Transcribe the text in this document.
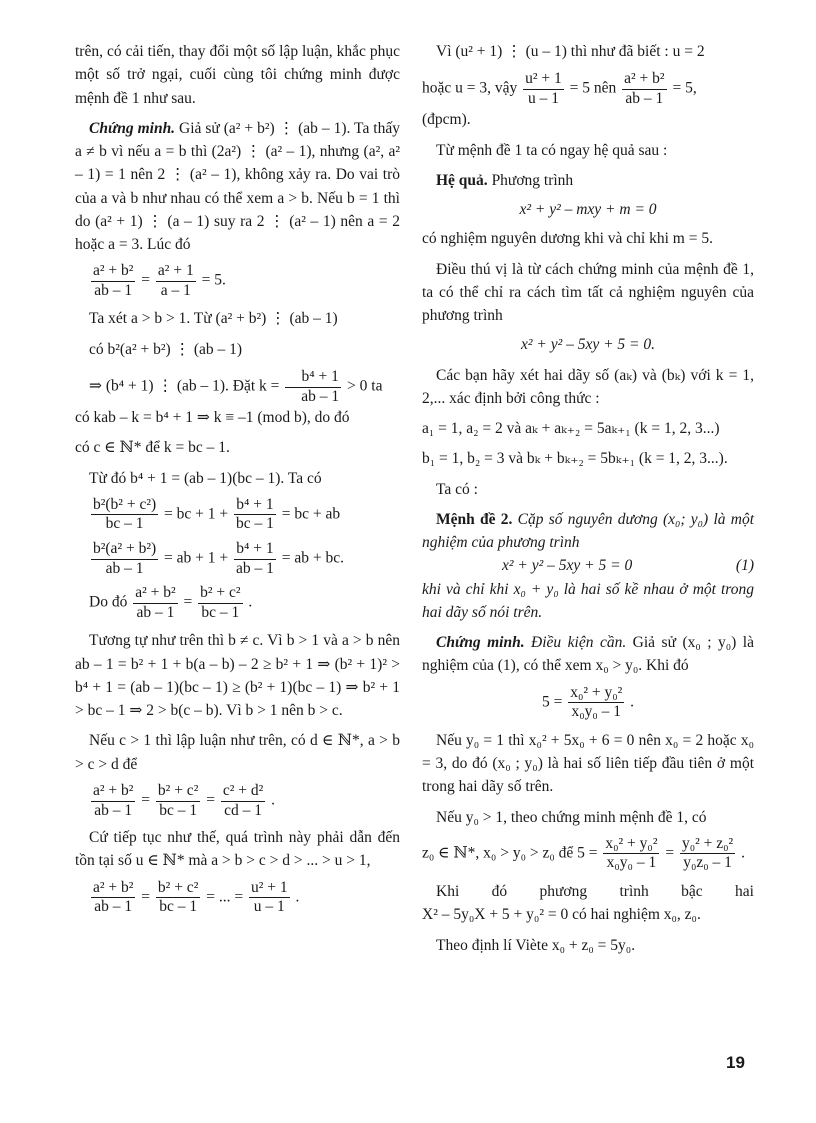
trên, có cải tiến, thay đổi một số lập luận, khắc phục một số trở ngại, cuối cùng tôi chứng minh được mệnh đề 1 như sau.

Chứng minh. Giả sử (a² + b²) ⋮ (ab – 1). Ta thấy a ≠ b vì nếu a = b thì (2a²) ⋮ (a² – 1), nhưng (a², a² – 1) = 1 nên 2 ⋮ (a² – 1), không xảy ra. Do vai trò của a và b như nhau có thể xem a > b. Nếu b = 1 thì do (a² + 1) ⋮ (a – 1) suy ra 2 ⋮ (a² – 1) nên a = 2 hoặc a = 3. Lúc đó

$\frac{\text{a² + b²}}{ab - 1} = \frac{\text{a² + 1}}{a - 1} = 5$.

Ta xét a > b > 1. Từ (a² + b²) ⋮ (ab – 1)

có b²(a² + b²) ⋮ (ab – 1)

⇒ (b⁴ + 1) ⋮ (ab – 1). Đặt $k = \frac{\text{b⁴ + 1}}{ab - 1} > 0$ ta

có kab – k = b⁴ + 1 ⇒ k ≡ –1 (mod b), do đó

có c ∈ ℕ* để k = bc – 1.

Từ đó b⁴ + 1 = (ab – 1)(bc – 1). Ta có

$\frac{\text{b²(b² + c²)}}{bc - 1}$ = bc + $1 + \frac{\text{b⁴ + 1}}{bc - 1}$ = bc + ab
$\frac{\text{b²(a² + b²)}}{ab - 1}$ = ab + $1 + \frac{\text{b⁴ + 1}}{ab - 1}$ = ab + bc.
Do đó $\frac{\text{a² + b²}}{ab - 1} = \frac{\text{b² + c²}}{bc - 1}$ .

Tương tự như trên thì b ≠ c. Vì b > 1 và a > b nên ab – 1 = b² + 1 + b(a – b) – 2 ≥ b² + 1 ⇒ (b² + 1)² > b⁴ + 1 = (ab – 1)(bc – 1) ≥ (b² + 1)(bc – 1) ⇒ b² + 1 > bc – 1 ⇒ 2 > b(c – b). Vì b > 1 nên b > c.

Nếu c > 1 thì lập luận như trên, có d ∈ ℕ*, a > b > c > d để

$\frac{\text{a² + b²}}{ab - 1} = \frac{\text{b² + c²}}{bc - 1} = \frac{\text{c² + d²}}{cd - 1}$ .

Cứ tiếp tục như thế, quá trình này phải dẫn đến tồn tại số u ∈ ℕ* mà a > b > c > d > ... > u > 1,

$\frac{\text{a² + b²}}{ab - 1} = \frac{\text{b² + c²}}{bc - 1}$ = ... = $\frac{\text{u² + 1}}{u - 1}$ .

Vì (u² + 1) ⋮ (u – 1) thì như đã biết : u = 2

hoặc u = 3, vậy $\frac{\text{u² + 1}}{u - 1} = 5$ nên $\frac{\text{a² + b²}}{ab - 1} = 5$,

(đpcm).

Từ mệnh đề 1 ta có ngay hệ quả sau :

Hệ quả. Phương trình

x² + y² – mxy + m = 0

có nghiệm nguyên dương khi và chỉ khi m = 5.

Điều thú vị là từ cách chứng minh của mệnh đề 1, ta có thể chỉ ra cách tìm tất cả nghiệm nguyên của phương trình

x² + y² – 5xy + 5 = 0.

Các bạn hãy xét hai dãy số (aₖ) và (bₖ) với k = 1, 2,... xác định bởi công thức :

a₁ = 1, a₂ = 2 và aₖ + aₖ₊₂ = 5aₖ₊₁ (k = 1, 2, 3...)

b₁ = 1, b₂ = 3 và bₖ + bₖ₊₂ = 5bₖ₊₁ (k = 1, 2, 3...).

Ta có :

Mệnh đề 2. Cặp số nguyên dương (x₀; y₀) là một nghiệm của phương trình

x² + y² – 5xy + 5 = 0	(1)

khi và chỉ khi x₀ + y₀ là hai số kề nhau ở một trong hai dãy số nói trên.

Chứng minh. Điều kiện cần. Giả sử (x₀ ; y₀) là nghiệm của (1), có thể xem x₀ > y₀. Khi đó

$5 = \frac{\text{x₀² + y₀²}}{\text{x₀y₀ – 1}}$ .

Nếu y₀ = 1 thì x₀² + 5x₀ + 6 = 0 nên x₀ = 2 hoặc x₀ = 3, do đó (x₀ ; y₀) là hai số liên tiếp đầu tiên ở một trong hai dãy số trên.

Nếu y₀ > 1, theo chứng minh mệnh đề 1, có

z₀ ∈ ℕ*, x₀ > y₀ > z₀ để $5 = \frac{\text{x₀² + y₀²}}{\text{x₀y₀ – 1}} = \frac{\text{y₀² + z₀²}}{\text{y₀z₀ – 1}}$ .
Khi đó phương trình bậc hai

X² – 5y₀X + 5 + y₀² = 0 có hai nghiệm x₀, z₀.

Theo định lí Viète x₀ + z₀ = 5y₀.

19
